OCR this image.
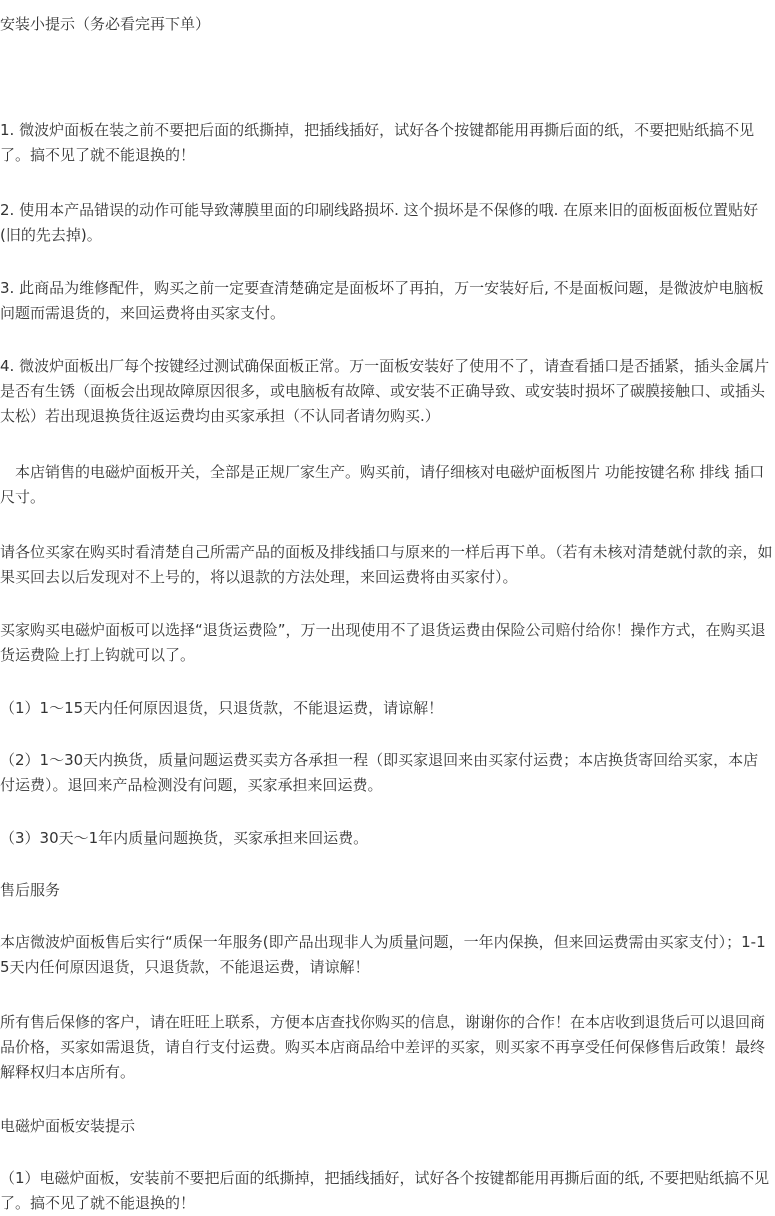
安装小提示（务必看完再下单）

1. 微波炉面板在装之前不要把后面的纸撕掉，把插线插好，试好各个按键都能用再撕后面的纸，不要把贴纸搞不见了。搞不见了就不能退换的！

2. 使用本产品错误的动作可能导致薄膜里面的印刷线路损坏. 这个损坏是不保修的哦. 在原来旧的面板面板位置贴好(旧的先去掉)。

3. 此商品为维修配件，购买之前一定要查清楚确定是面板坏了再拍，万一安装好后, 不是面板问题，是微波炉电脑板问题而需退货的，来回运费将由买家支付。

4. 微波炉面板出厂每个按键经过测试确保面板正常。万一面板安装好了使用不了，请查看插口是否插紧，插头金属片是否有生锈（面板会出现故障原因很多，或电脑板有故障、或安装不正确导致、或安装时损坏了碳膜接触口、或插头太松）若出现退换货往返运费均由买家承担（不认同者请勿购买.）

　本店销售的电磁炉面板开关，全部是正规厂家生产。购买前，请仔细核对电磁炉面板图片 功能按键名称 排线 插口 尺寸。

请各位买家在购买时看清楚自己所需产品的面板及排线插口与原来的一样后再下单。（若有未核对清楚就付款的亲，如果买回去以后发现对不上号的，将以退款的方法处理，来回运费将由买家付）。

买家购买电磁炉面板可以选择“退货运费险”，万一出现使用不了退货运费由保险公司赔付给你！操作方式，在购买退货运费险上打上钩就可以了。

（1）1～15天内任何原因退货，只退货款，不能退运费，请谅解！

（2）1～30天内换货，质量问题运费买卖方各承担一程（即买家退回来由买家付运费；本店换货寄回给买家，本店付运费）。退回来产品检测没有问题，买家承担来回运费。

（3）30天～1年内质量问题换货，买家承担来回运费。

售后服务

本店微波炉面板售后实行“质保一年服务(即产品出现非人为质量问题，一年内保换，但来回运费需由买家支付）；1-15天内任何原因退货，只退货款，不能退运费，请谅解！

所有售后保修的客户，请在旺旺上联系，方便本店查找你购买的信息，谢谢你的合作！在本店收到退货后可以退回商品价格，买家如需退货，请自行支付运费。购买本店商品给中差评的买家，则买家不再享受任何保修售后政策！最终解释权归本店所有。

电磁炉面板安装提示

（1）电磁炉面板，安装前不要把后面的纸撕掉，把插线插好，试好各个按键都能用再撕后面的纸, 不要把贴纸搞不见了。搞不见了就不能退换的！
